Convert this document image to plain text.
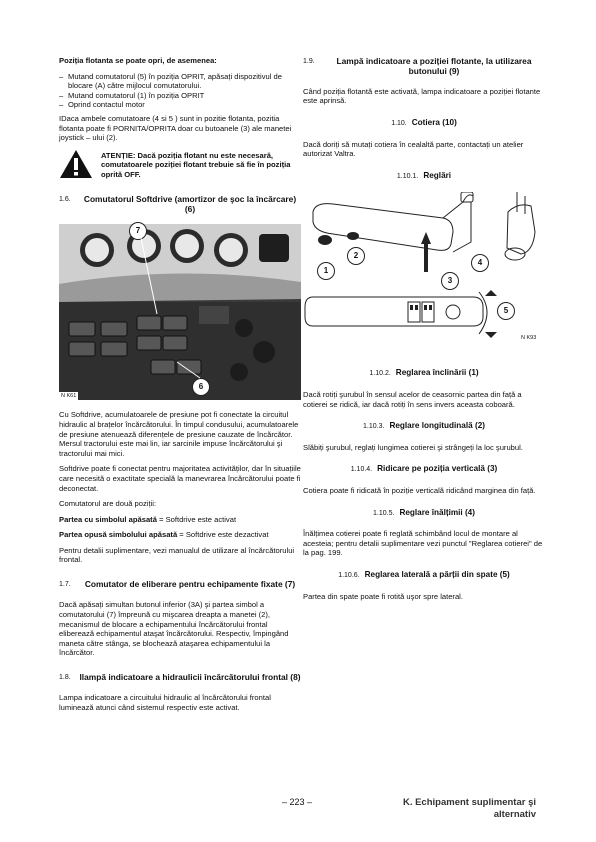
Poziția flotanta se poate opri, de asemenea:

– Mutand comutatorul (5) în poziția OPRIT, apăsați dispozitivul de blocare (A) către mijlocul comutatorului.
– Mutand comutatorul (1) în poziția OPRIT
– Oprind contactul motor

IDaca ambele comutatoare (4 si 5 ) sunt in pozitie flotanta, pozitia flotanta poate fi PORNITA/OPRITA doar cu butoanele (3) ale manetei joystick – ului (2).

ATENȚIE: Dacă poziția flotant nu este necesară, comutatoarele poziției flotant trebuie să fie în poziția oprită OFF.
1.6.	Comutatorul Softdrive (amortizor de şoc la încărcare) (6)
7
6
N K61

Cu Softdrive, acumulatoarele de presiune pot fi conectate la circuitul hidraulic al brațelor încărcătorului. În timpul condusului, acumulatoarele de presiune atenuează diferențele de presiune cauzate de încărcător. Mersul tractorului este mai lin, iar sarcinile impuse încărcătorului şi tractorului mai mici.

Softdrive poate fi conectat pentru majoritatea activităților, dar în situațiile care necesită o exactitate specială la manevrarea încărcătorului poate fi deconectat.

Comutatorul are două poziții:

Partea cu simbolul apăsată = Softdrive este activat

Partea opusă simbolului apăsată = Softdrive este dezactivat

Pentru detalii suplimentare, vezi manualul de utilizare al încărcătorului frontal.

1.7.	Comutator de eliberare pentru echipamente fixate (7)

Dacă apăsați simultan butonul inferior (3A) şi partea simbol a comutatorului (7) împreună cu mişcarea dreapta a manetei (2), mecanismul de blocare a echipamentului încărcătorului frontal eliberează echipamentul ataşat încărcătorului. Respectiv, împingând maneta către stânga, se blochează ataşarea echipamentului la încărcător.

1.8.	llampă indicatoare a hidraulicii încărcătorului frontal (8)

Lampa indicatoare a circuitului hidraulic al încărcătorului frontal luminează atunci când sistemul respectiv este activat.

1.9.	Lampă indicatoare a poziției flotante, la utilizarea butonului (9)

Când poziția flotantă este activată, lampa indicatoare a poziției flotante este aprinsă.

1.10. Cotiera (10)

Dacă doriți să mutați cotiera în cealaltă parte, contactați un atelier autorizat Valtra.

1.10.1. Reglări
1
2
3
4
5
N K93
1.10.2. Reglarea înclinării (1)

Dacă rotiți şurubul în sensul acelor de ceasornic partea din față a cotierei se ridică, iar dacă rotiți în sens invers aceasta coboară.

1.10.3. Reglare longitudinală (2)

Slăbiți şurubul, reglați lungimea cotierei şi strângeți la loc şurubul.

1.10.4. Ridicare pe poziția verticală (3)

Cotiera poate fi ridicată în poziție verticală ridicând marginea din față.

1.10.5. Reglare înălțimii (4)

Înălțimea cotierei poate fi reglată schimbând locul de montare al acesteia; pentru detalii suplimentare vezi punctul "Reglarea cotierei" de la pag. 199.

1.10.6. Reglarea laterală a părții din spate (5)

Partea din spate poate fi rotită uşor spre lateral.

– 223 –	K. Echipament suplimentar şi alternativ
